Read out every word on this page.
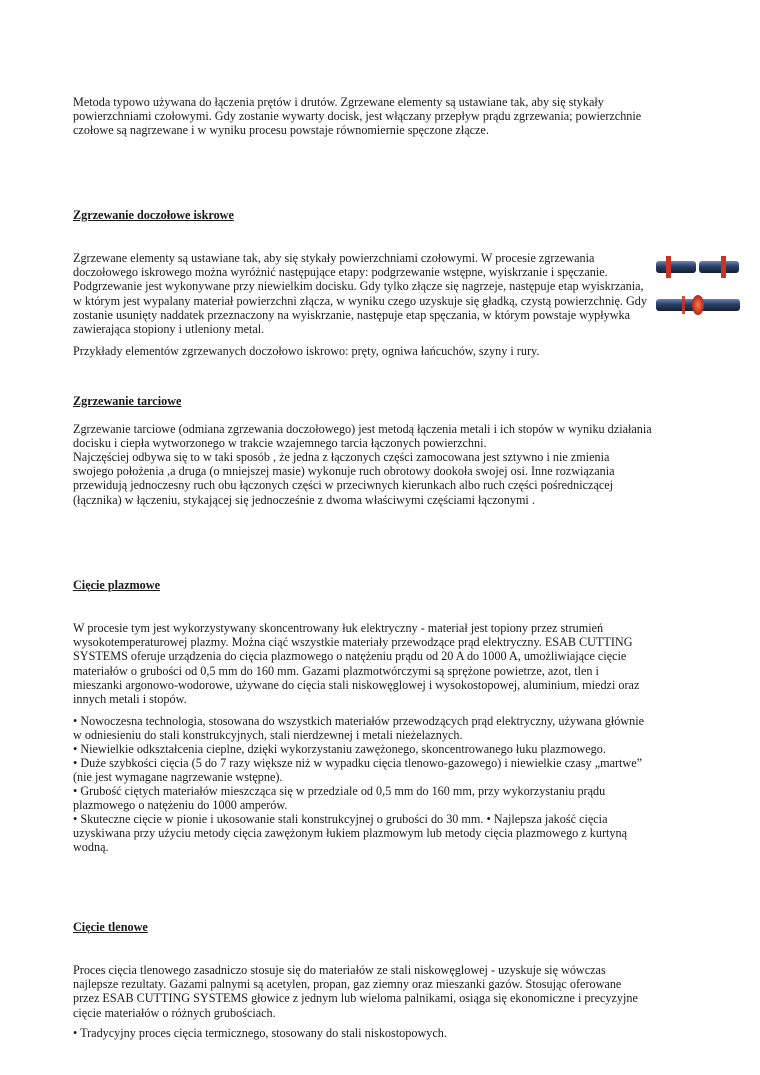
Metoda typowo używana do łączenia prętów i drutów. Zgrzewane elementy są ustawiane tak, aby się stykały powierzchniami czołowymi. Gdy zostanie wywarty docisk, jest włączany przepływ prądu zgrzewania; powierzchnie czołowe są nagrzewane i w wyniku procesu powstaje równomiernie spęczone złącze.

Zgrzewanie doczołowe iskrowe

Zgrzewane elementy są ustawiane tak, aby się stykały powierzchniami czołowymi. W procesie zgrzewania doczołowego iskrowego można wyróżnić następujące etapy: podgrzewanie wstępne, wyiskrzanie i spęczanie. Podgrzewanie jest wykonywane przy niewielkim docisku. Gdy tylko złącze się nagrzeje, następuje etap wyiskrzania, w którym jest wypalany materiał powierzchni złącza, w wyniku czego uzyskuje się gładką, czystą powierzchnię. Gdy zostanie usunięty naddatek przeznaczony na wyiskrzanie, następuje etap spęczania, w którym powstaje wypływka zawierająca stopiony i utleniony metal.

Przykłady elementów zgrzewanych doczołowo iskrowo: pręty, ogniwa łańcuchów, szyny i rury.

Zgrzewanie tarciowe

Zgrzewanie tarciowe (odmiana zgrzewania doczołowego) jest metodą łączenia metali i ich stopów w wyniku działania docisku i ciepła wytworzonego w trakcie wzajemnego tarcia łączonych powierzchni.

Najczęściej odbywa się to w taki sposób , że jedna z łączonych części zamocowana jest sztywno i nie zmienia swojego położenia ,a druga (o mniejszej masie) wykonuje ruch obrotowy dookoła swojej osi. Inne rozwiązania przewidują jednoczesny ruch obu łączonych części w przeciwnych kierunkach albo ruch części pośredniczącej (łącznika) w łączeniu, stykającej się jednocześnie z dwoma właściwymi częściami łączonymi .

Cięcie plazmowe

W procesie tym jest wykorzystywany skoncentrowany łuk elektryczny - materiał jest topiony przez strumień wysokotemperaturowej plazmy. Można ciąć wszystkie materiały przewodzące prąd elektryczny. ESAB CUTTING SYSTEMS oferuje urządzenia do cięcia plazmowego o natężeniu prądu od 20 A do 1000 A, umożliwiające cięcie materiałów o grubości od 0,5 mm do 160 mm. Gazami plazmotwórczymi są sprężone powietrze, azot, tlen i mieszanki argonowo-wodorowe, używane do cięcia stali niskowęglowej i wysokostopowej, aluminium, miedzi oraz innych metali i stopów.

• Nowoczesna technologia, stosowana do wszystkich materiałów przewodzących prąd elektryczny, używana głównie w odniesieniu do stali konstrukcyjnych, stali nierdzewnej i metali nieżelaznych.

• Niewielkie odkształcenia cieplne, dzięki wykorzystaniu zawężonego, skoncentrowanego łuku plazmowego.

• Duże szybkości cięcia (5 do 7 razy większe niż w wypadku cięcia tlenowo-gazowego) i niewielkie czasy „martwe” (nie jest wymagane nagrzewanie wstępne).

• Grubość ciętych materiałów mieszcząca się w przedziale od 0,5 mm do 160 mm, przy wykorzystaniu prądu plazmowego o natężeniu do 1000 amperów.

• Skuteczne cięcie w pionie i ukosowanie stali konstrukcyjnej o grubości do 30 mm. • Najlepsza jakość cięcia uzyskiwana przy użyciu metody cięcia zawężonym łukiem plazmowym lub metody cięcia plazmowego z kurtyną wodną.

Cięcie tlenowe

Proces cięcia tlenowego zasadniczo stosuje się do materiałów ze stali niskowęglowej - uzyskuje się wówczas najlepsze rezultaty. Gazami palnymi są acetylen, propan, gaz ziemny oraz mieszanki gazów. Stosując oferowane przez ESAB CUTTING SYSTEMS głowice z jednym lub wieloma palnikami, osiąga się ekonomiczne i precyzyjne cięcie materiałów o różnych grubościach.

• Tradycyjny proces cięcia termicznego, stosowany do stali niskostopowych.
